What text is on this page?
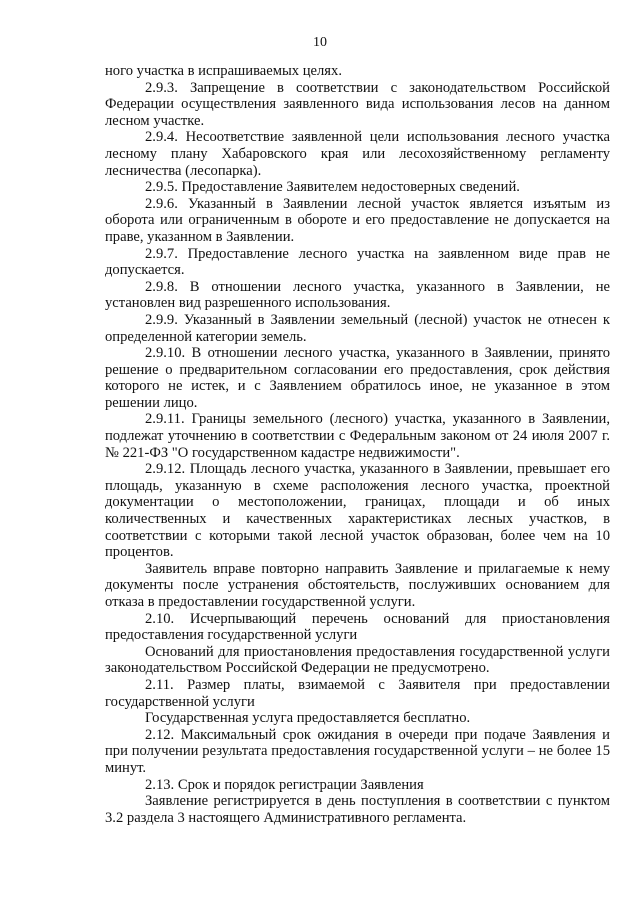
10

ного участка в испрашиваемых целях.

2.9.3. Запрещение в соответствии с законодательством Российской Федерации осуществления заявленного вида использования лесов на данном лесном участке.

2.9.4. Несоответствие заявленной цели использования лесного участка лесному плану Хабаровского края или лесохозяйственному регламенту лесничества (лесопарка).

2.9.5. Предоставление Заявителем недостоверных сведений.

2.9.6. Указанный в Заявлении лесной участок является изъятым из оборота или ограниченным в обороте и его предоставление не допускается на праве, указанном в Заявлении.

2.9.7. Предоставление лесного участка на заявленном виде прав не допускается.

2.9.8. В отношении лесного участка, указанного в Заявлении, не установлен вид разрешенного использования.

2.9.9. Указанный в Заявлении земельный (лесной) участок не отнесен к определенной категории земель.

2.9.10. В отношении лесного участка, указанного в Заявлении, принято решение о предварительном согласовании его предоставления, срок действия которого не истек, и с Заявлением обратилось иное, не указанное в этом решении лицо.

2.9.11. Границы земельного (лесного) участка, указанного в Заявлении, подлежат уточнению в соответствии с Федеральным законом от 24 июля 2007 г. № 221-ФЗ "О государственном кадастре недвижимости".

2.9.12. Площадь лесного участка, указанного в Заявлении, превышает его площадь, указанную в схеме расположения лесного участка, проектной документации о местоположении, границах, площади и об иных количественных и качественных характеристиках лесных участков, в соответствии с которыми такой лесной участок образован, более чем на 10 процентов.

Заявитель вправе повторно направить Заявление и прилагаемые к нему документы после устранения обстоятельств, послуживших основанием для отказа в предоставлении государственной услуги.

2.10. Исчерпывающий перечень оснований для приостановления предоставления государственной услуги

Оснований для приостановления предоставления государственной услуги законодательством Российской Федерации не предусмотрено.

2.11. Размер платы, взимаемой с Заявителя при предоставлении государственной услуги

Государственная услуга предоставляется бесплатно.

2.12. Максимальный срок ожидания в очереди при подаче Заявления и при получении результата предоставления государственной услуги – не более 15 минут.

2.13. Срок и порядок регистрации Заявления

Заявление регистрируется в день поступления в соответствии с пунктом 3.2 раздела 3 настоящего Административного регламента.
